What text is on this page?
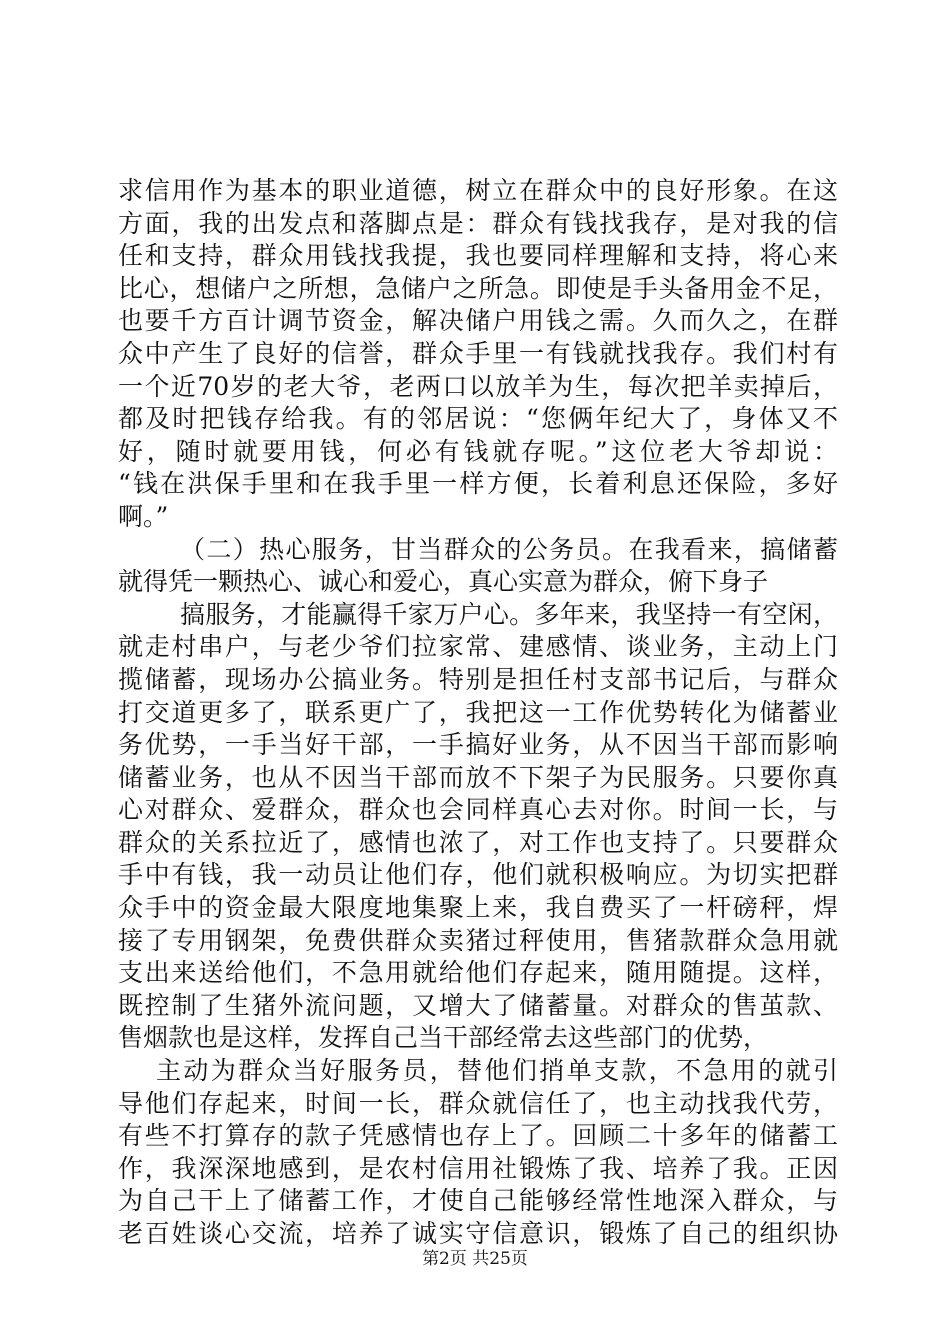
求信用作为基本的职业道德，树立在群众中的良好形象。在这
方面，我的出发点和落脚点是：群众有钱找我存，是对我的信
任和支持，群众用钱找我提，我也要同样理解和支持，将心来
比心，想储户之所想，急储户之所急。即使是手头备用金不足，
也要千方百计调节资金，解决储户用钱之需。久而久之，在群
众中产生了良好的信誉，群众手里一有钱就找我存。我们村有
一个近70岁的老大爷，老两口以放羊为生，每次把羊卖掉后，
都及时把钱存给我。有的邻居说：“您俩年纪大了，身体又不
好，随时就要用钱，何必有钱就存呢。”这位老大爷却说：
“钱在洪保手里和在我手里一样方便，长着利息还保险，多好
啊。”
（二）热心服务，甘当群众的公务员。在我看来，搞储蓄
就得凭一颗热心、诚心和爱心，真心实意为群众，俯下身子
搞服务，才能赢得千家万户心。多年来，我坚持一有空闲，
就走村串户，与老少爷们拉家常、建感情、谈业务，主动上门
揽储蓄，现场办公搞业务。特别是担任村支部书记后，与群众
打交道更多了，联系更广了，我把这一工作优势转化为储蓄业
务优势，一手当好干部，一手搞好业务，从不因当干部而影响
储蓄业务，也从不因当干部而放不下架子为民服务。只要你真
心对群众、爱群众，群众也会同样真心去对你。时间一长，与
群众的关系拉近了，感情也浓了，对工作也支持了。只要群众
手中有钱，我一动员让他们存，他们就积极响应。为切实把群
众手中的资金最大限度地集聚上来，我自费买了一杆磅秤，焊
接了专用钢架，免费供群众卖猪过秤使用，售猪款群众急用就
支出来送给他们，不急用就给他们存起来，随用随提。这样，
既控制了生猪外流问题，又增大了储蓄量。对群众的售茧款、
售烟款也是这样，发挥自己当干部经常去这些部门的优势，
主动为群众当好服务员，替他们捎单支款，不急用的就引
导他们存起来，时间一长，群众就信任了，也主动找我代劳，
有些不打算存的款子凭感情也存上了。回顾二十多年的储蓄工
作，我深深地感到，是农村信用社锻炼了我、培养了我。正因
为自己干上了储蓄工作，才使自己能够经常性地深入群众，与
老百姓谈心交流，培养了诚实守信意识，锻炼了自己的组织协
第2页 共25页
